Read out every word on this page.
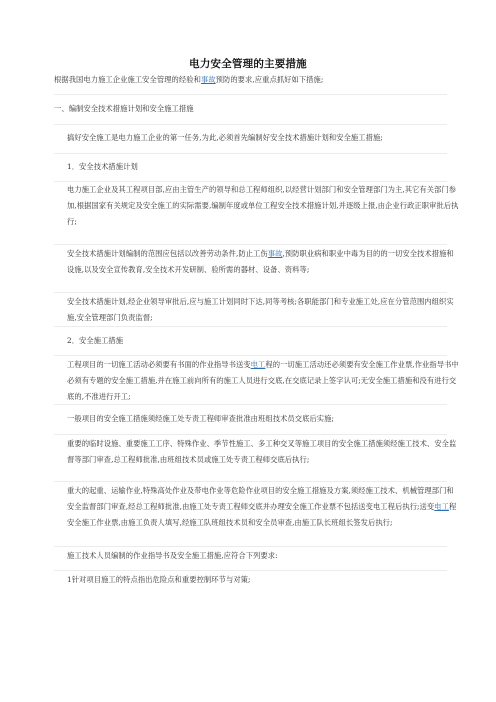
电力安全管理的主要措施

根据我国电力施工企业施工安全管理的经验和事故预防的要求,应重点抓好如下措施;

一、编制安全技术措施计划和安全施工措施

搞好安全施工是电力施工企业的第一任务,为此,必须首先编制好安全技术措施计划和安全施工措施;

1．安全技术措施计划

电力施工企业及其工程项目部,应由主管生产的领导和总工程师组织,以经营计划部门和安全管理部门为主,其它有关部门参加,根据国家有关规定及安全施工的实际需要,编制年度或单位工程安全技术措施计划,并逐级上报,由企业行政正职审批后执行;

安全技术措施计划编制的范围应包括以改善劳动条件,防止工伤事故,预防职业病和职业中毒为目的的一切安全技术措施和设施,以及安全宣传教育,安全技术开发研制、验所需的器材、设备、资料等;

安全技术措施计划,经企业领导审批后,应与施工计划同时下达,同等考核;各职能部门和专业施工处,应在分管范围内组织实施,安全管理部门负责监督;

2．安全施工措施

工程项目的一切施工活动必须要有书面的作业指导书送变电工程的一切施工活动还必须要有安全施工作业票,作业指导书中必须有专题的安全施工措施,并在施工前向所有的施工人员进行交底,在交底记录上签字认可;无安全施工措施和没有进行交底的,不准进行开工;

一般项目的安全施工措施须经施工处专责工程师审查批准由班组技术员交底后实施;

重要的临时设施、重要施工工序、特殊作业、季节性施工、多工种交叉等施工项目的安全施工措施须经施工技术、安全监督等部门审查,总工程师批准,由班组技术员或施工处专责工程师交底后执行;

重大的起重、运输作业,特殊高处作业及带电作业等危险作业项目的安全施工措施及方案,须经施工技术、机械管理部门和安全监督部门审查,经总工程师批准,由施工处专责工程师交底并办理安全施工作业票不包括送变电工程后执行;送变电工程安全施工作业票,由施工负责人填写,经施工队班组技术员和安全员审查,由施工队长班组长签发后执行;

施工技术人员编制的作业指导书及安全施工措施,应符合下列要求:

1针对项目施工的特点指出危险点和重要控制环节与对策;
